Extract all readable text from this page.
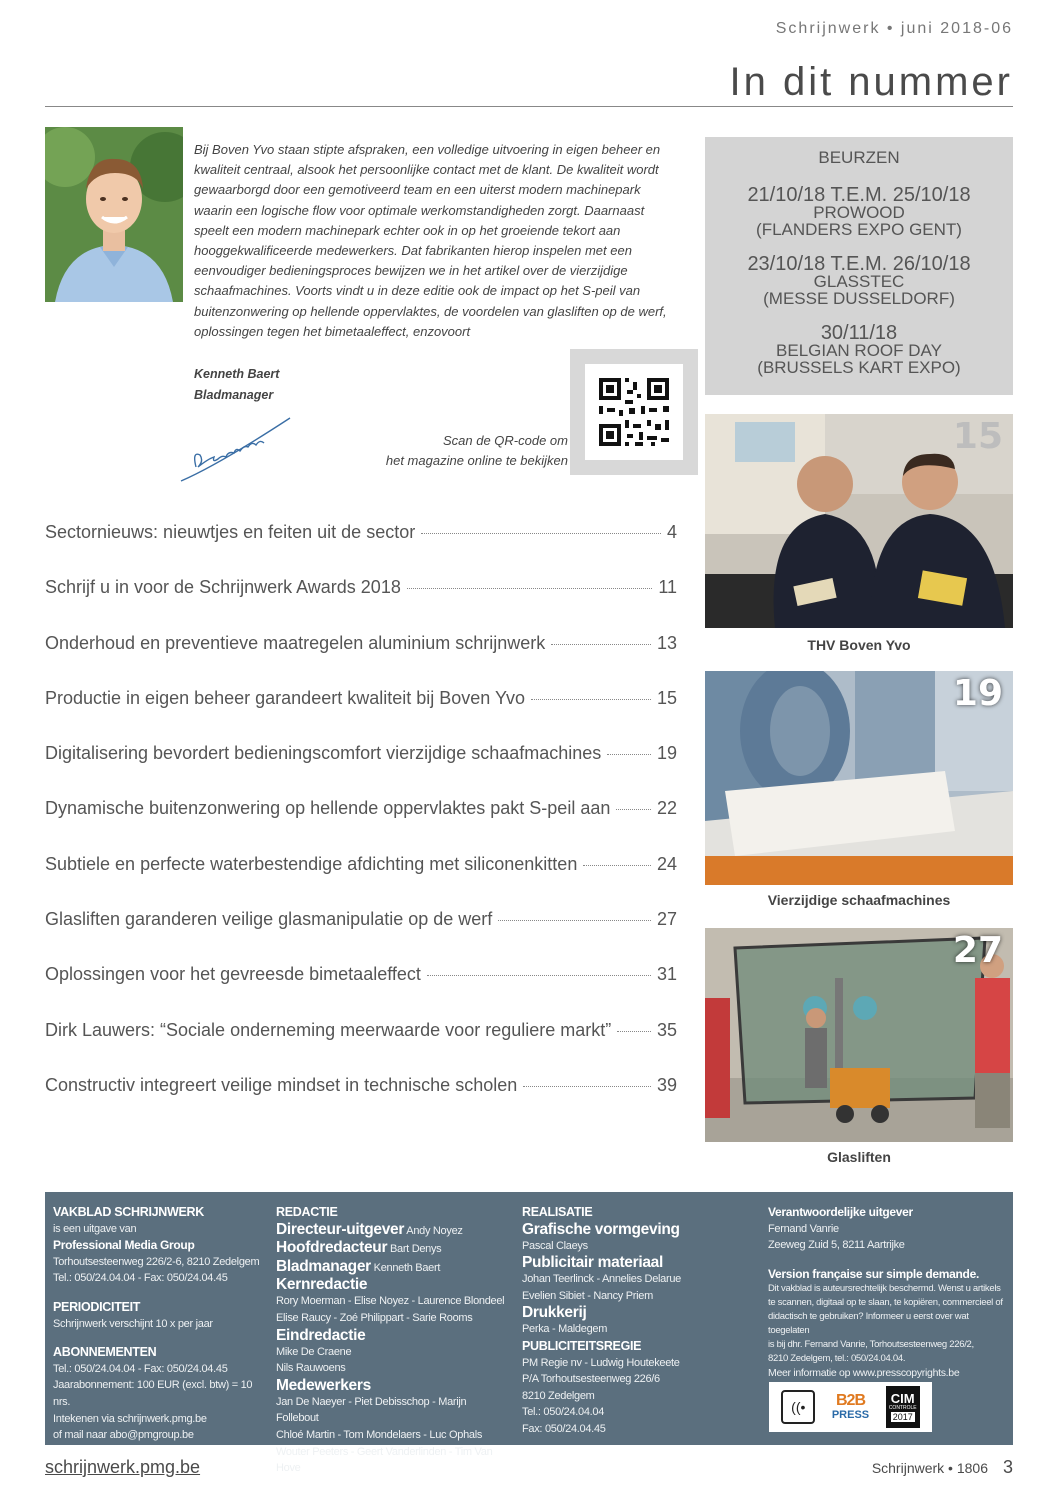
Schrijnwerk • juni 2018-06
In dit nummer

Bij Boven Yvo staan stipte afspraken, een volledige uitvoering in eigen beheer en kwaliteit centraal, alsook het persoonlijke contact met de klant. De kwaliteit wordt gewaarborgd door een gemotiveerd team en een uiterst modern machinepark waarin een logische flow voor optimale werkomstandigheden zorgt. Daarnaast speelt een modern machinepark echter ook in op het groeiende tekort aan hooggekwalificeerde medewerkers. Dat fabrikanten hierop inspelen met een eenvoudiger bedieningsproces bewijzen we in het artikel over de vierzijdige schaafmachines. Voorts vindt u in deze editie ook de impact op het S-peil van buitenzonwering op hellende oppervlaktes, de voordelen van glasliften op de werf, oplossingen tegen het bimetaaleffect, enzovoort

Kenneth Baert
Bladmanager
Scan de QR-code om
het magazine online te bekijken
BEURZEN
21/10/18 T.E.M. 25/10/18
PROWOOD
(FLANDERS EXPO GENT)
23/10/18 T.E.M. 26/10/18
GLASSTEC
(MESSE DUSSELDORF)
30/11/18
BELGIAN ROOF DAY
(BRUSSELS KART EXPO)
Sectornieuws: nieuwtjes en feiten uit de sector	4
Schrijf u in voor de Schrijnwerk Awards 2018	11
Onderhoud en preventieve maatregelen aluminium schrijnwerk	13
Productie in eigen beheer garandeert kwaliteit bij Boven Yvo	15
Digitalisering bevordert bedieningscomfort vierzijdige schaafmachines	19
Dynamische buitenzonwering op hellende oppervlaktes pakt S-peil aan	22
Subtiele en perfecte waterbestendige afdichting met siliconenkitten	24
Glasliften garanderen veilige glasmanipulatie op de werf	27
Oplossingen voor het gevreesde bimetaaleffect	31
Dirk Lauwers: “Sociale onderneming meerwaarde voor reguliere markt”	35
Constructiv integreert veilige mindset in technische scholen	39
15
THV Boven Yvo
19
Vierzijdige schaafmachines
27
Glasliften
VAKBLAD SCHRIJNWERK
is een uitgave van
Professional Media Group
Torhoutsesteenweg 226/2-6, 8210 Zedelgem
Tel.: 050/24.04.04 - Fax: 050/24.04.45
PERIODICITEIT
Schrijnwerk verschijnt 10 x per jaar
ABONNEMENTEN
Tel.: 050/24.04.04 - Fax: 050/24.04.45
Jaarabonnement: 100 EUR (excl. btw) = 10 nrs.
Intekenen via schrijnwerk.pmg.be
of mail naar abo@pmgroup.be
REDACTIE
Directeur-uitgever Andy Noyez
Hoofdredacteur Bart Denys
Bladmanager Kenneth Baert
Kernredactie
Rory Moerman - Elise Noyez - Laurence Blondeel
Elise Raucy - Zoé Philippart - Sarie Rooms
Eindredactie
Mike De Craene
Nils Rauwoens
Medewerkers
Jan De Naeyer - Piet Debisschop - Marijn Follebout
Chloé Martin - Tom Mondelaers - Luc Ophals
Wouter Peeters - Geert Vanderlinden - Tim Van Hove
REALISATIE
Grafische vormgeving
Pascal Claeys
Publicitair materiaal
Johan Teerlinck - Annelies Delarue
Evelien Sibiet - Nancy Priem
Drukkerij
Perka - Maldegem
PUBLICITEITSREGIE
PM Regie nv - Ludwig Houtekeete
P/A Torhoutsesteenweg 226/6
8210 Zedelgem
Tel.: 050/24.04.04
Fax: 050/24.04.45
Verantwoordelijke uitgever
Fernand Vanrie
Zeeweg Zuid 5, 8211 Aartrijke
Version française sur simple demande.
Dit vakblad is auteursrechtelijk beschermd. Wenst u artikels
te scannen, digitaal op te slaan, te kopiëren, commercieel of
didactisch te gebruiken? Informeer u eerst over wat toegelaten
is bij dhr. Fernand Vanrie, Torhoutsesteenweg 226/2,
8210 Zedelgem, tel.: 050/24.04.04.
Meer informatie op www.presscopyrights.be
((•	B2B
PRESS
CIM
CONTROLE
2017
schrijnwerk.pmg.be	Schrijnwerk • 1806 3
